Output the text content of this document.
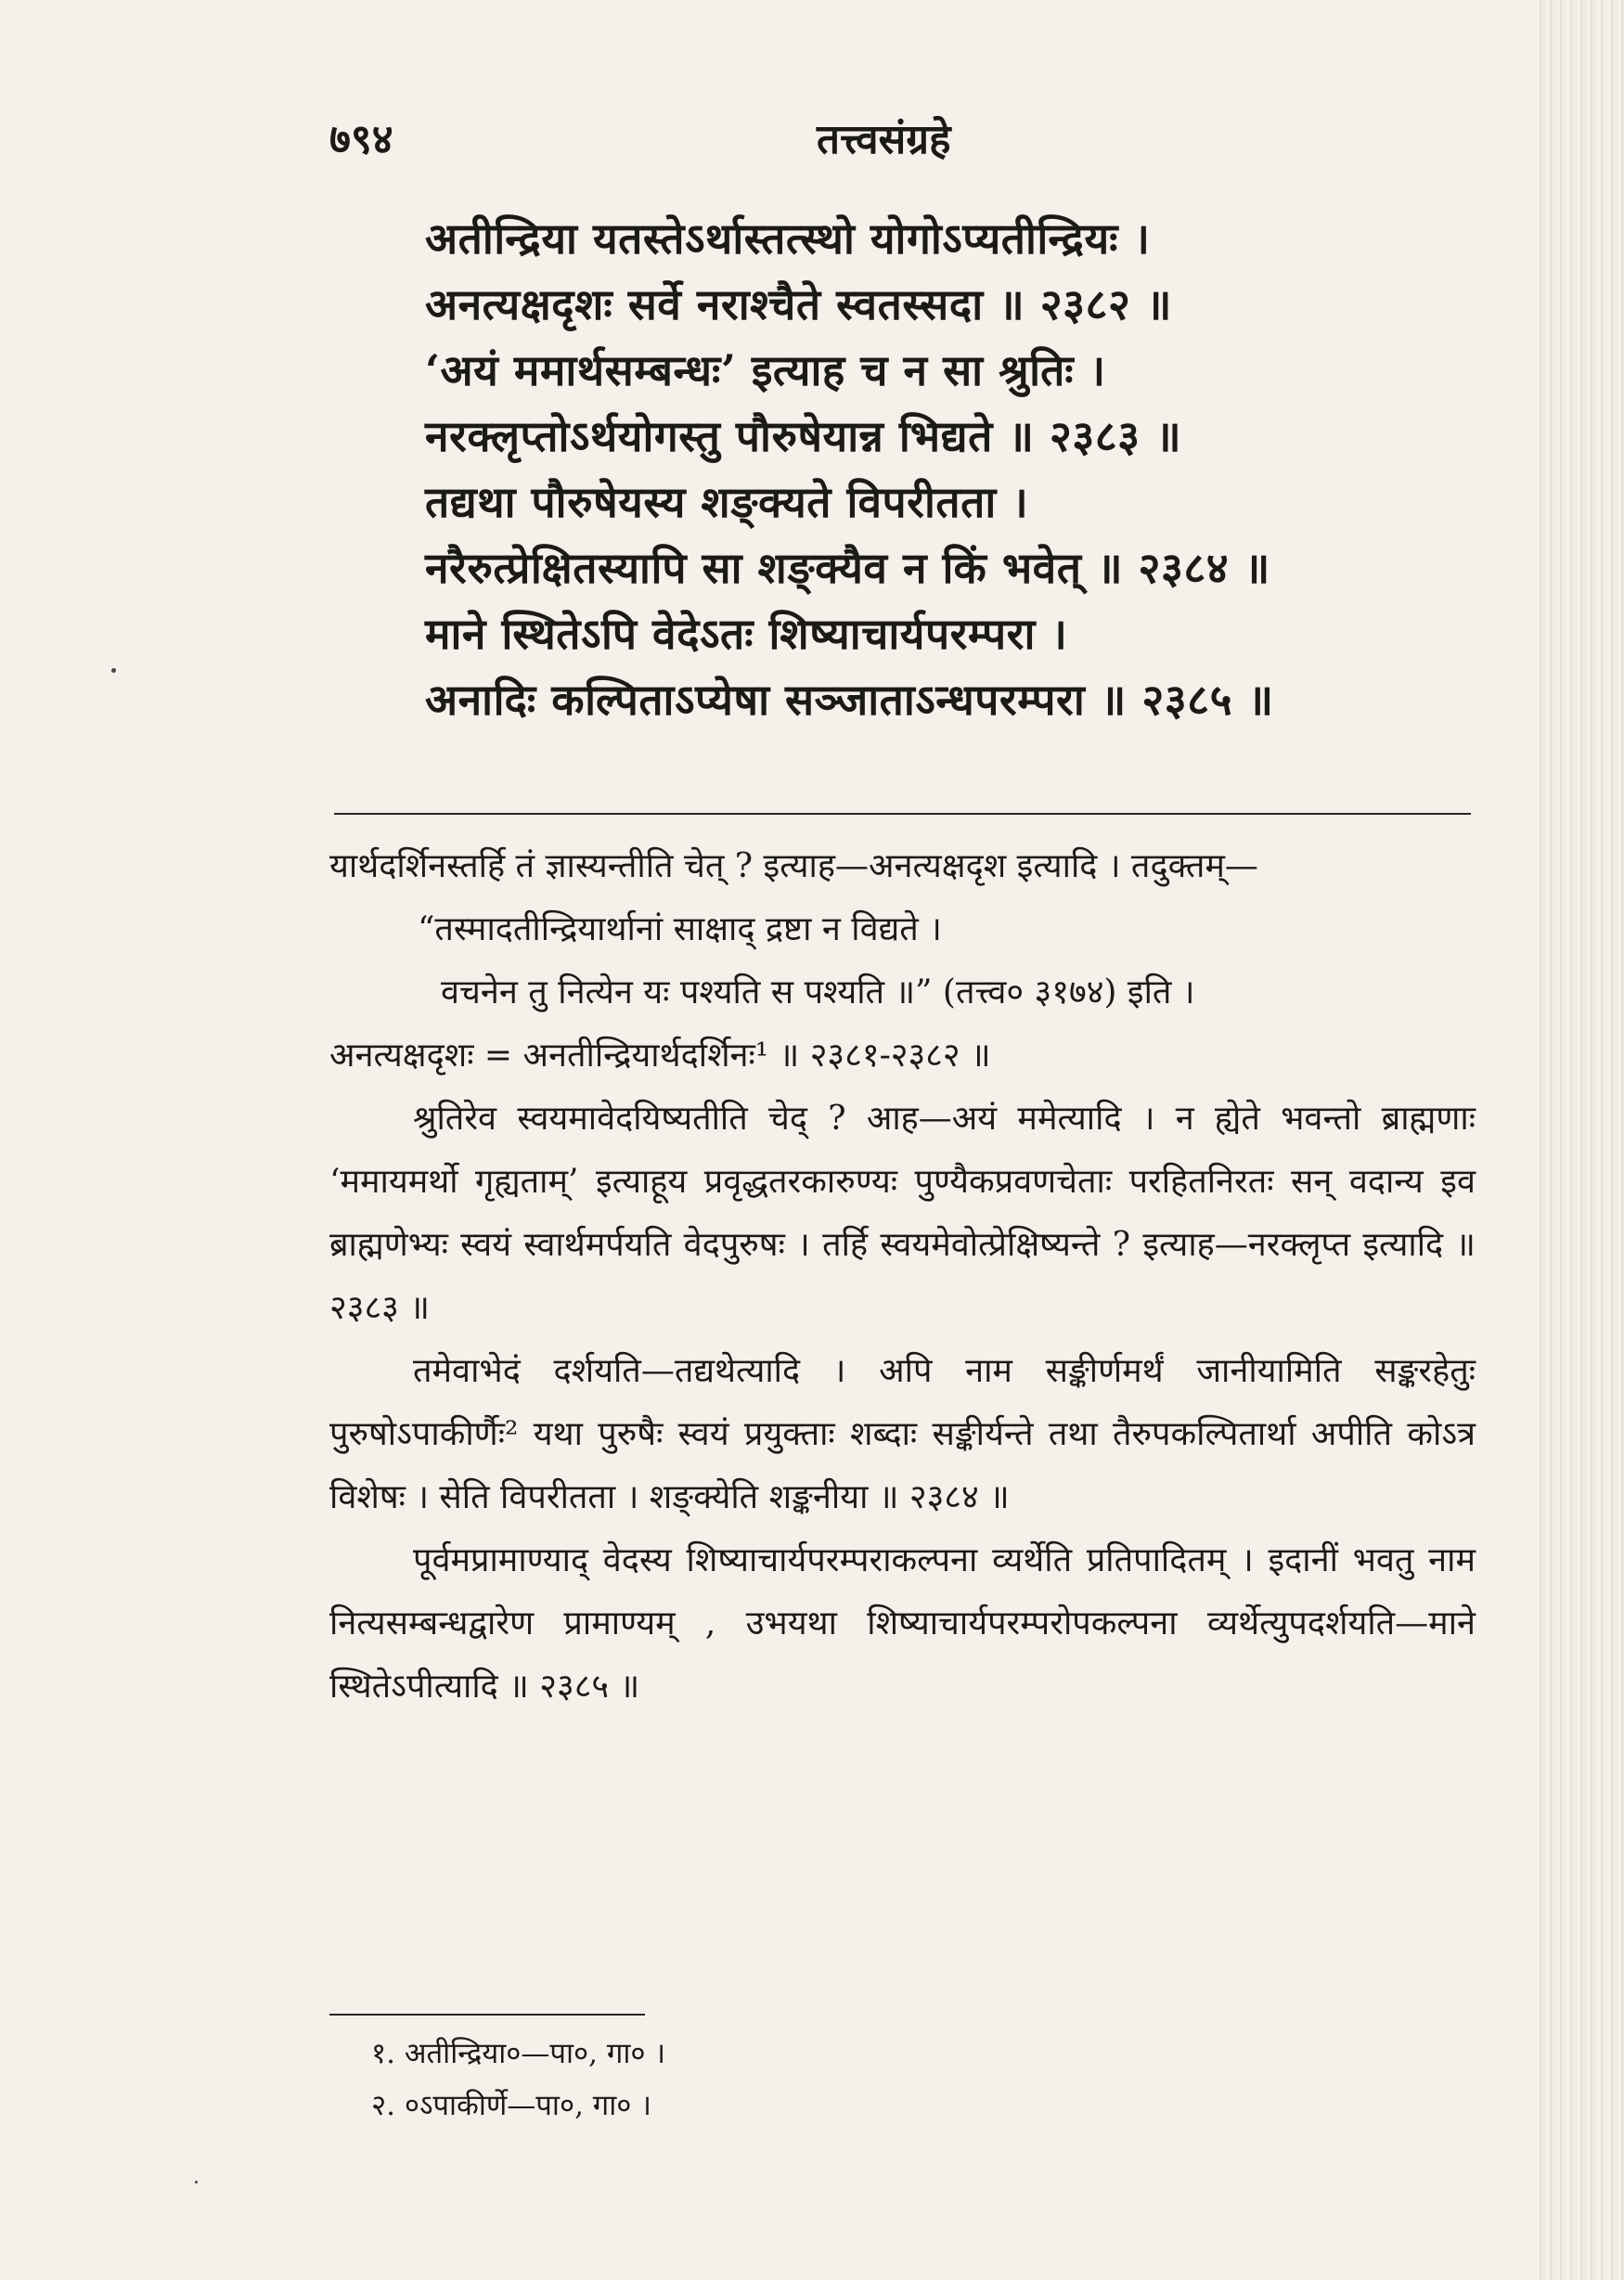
७९४	तत्त्वसंग्रहे
अतीन्द्रिया यतस्तेऽर्थास्तत्स्थो योगोऽप्यतीन्द्रियः ।
अनत्यक्षदृशः सर्वे नराश्चैते स्वतस्सदा ॥ २३८२ ॥
‘अयं ममार्थसम्बन्धः’ इत्याह च न सा श्रुतिः ।
नरक्लृप्तोऽर्थयोगस्तु पौरुषेयान्न भिद्यते ॥ २३८३ ॥
तद्यथा पौरुषेयस्य शङ्क्यते विपरीतता ।
नरैरुत्प्रेक्षितस्यापि सा शङ्क्यैव न किं भवेत् ॥ २३८४ ॥
माने स्थितेऽपि वेदेऽतः शिष्याचार्यपरम्परा ।
अनादिः कल्पिताऽप्येषा सञ्जाताऽन्धपरम्परा ॥ २३८५ ॥

यार्थदर्शिनस्तर्हि तं ज्ञास्यन्तीति चेत् ? इत्याह—अनत्यक्षदृश इत्यादि । तदुक्तम्—

“तस्मादतीन्द्रियार्थानां साक्षाद् द्रष्टा न विद्यते ।

वचनेन तु नित्येन यः पश्यति स पश्यति ॥” (तत्त्व० ३१७४) इति ।

अनत्यक्षदृशः = अनतीन्द्रियार्थदर्शिनः¹ ॥ २३८१-२३८२ ॥

श्रुतिरेव स्वयमावेदयिष्यतीति चेद् ? आह—अयं ममेत्यादि । न ह्येते भवन्तो ब्राह्मणाः ‘ममायमर्थो गृह्यताम्’ इत्याहूय प्रवृद्धतरकारुण्यः पुण्यैकप्रवणचेताः परहितनिरतः सन् वदान्य इव ब्राह्मणेभ्यः स्वयं स्वार्थमर्पयति वेदपुरुषः । तर्हि स्वयमेवोत्प्रेक्षिष्यन्ते ? इत्याह—नरक्लृप्त इत्यादि ॥ २३८३ ॥

तमेवाभेदं दर्शयति—तद्यथेत्यादि । अपि नाम सङ्कीर्णमर्थं जानीयामिति सङ्करहेतुः पुरुषोऽपाकीर्णैः² यथा पुरुषैः स्वयं प्रयुक्ताः शब्दाः सङ्कीर्यन्ते तथा तैरुपकल्पितार्था अपीति कोऽत्र विशेषः । सेति विपरीतता । शङ्क्येति शङ्कनीया ॥ २३८४ ॥

पूर्वमप्रामाण्याद् वेदस्य शिष्याचार्यपरम्पराकल्पना व्यर्थेति प्रतिपादितम् । इदानीं भवतु नाम नित्यसम्बन्धद्वारेण प्रामाण्यम् , उभयथा शिष्याचार्यपरम्परोपकल्पना व्यर्थेत्युपदर्शयति—माने स्थितेऽपीत्यादि ॥ २३८५ ॥

१. अतीन्द्रिया०—पा०, गा० ।

२. ०ऽपाकीर्णे—पा०, गा० ।
